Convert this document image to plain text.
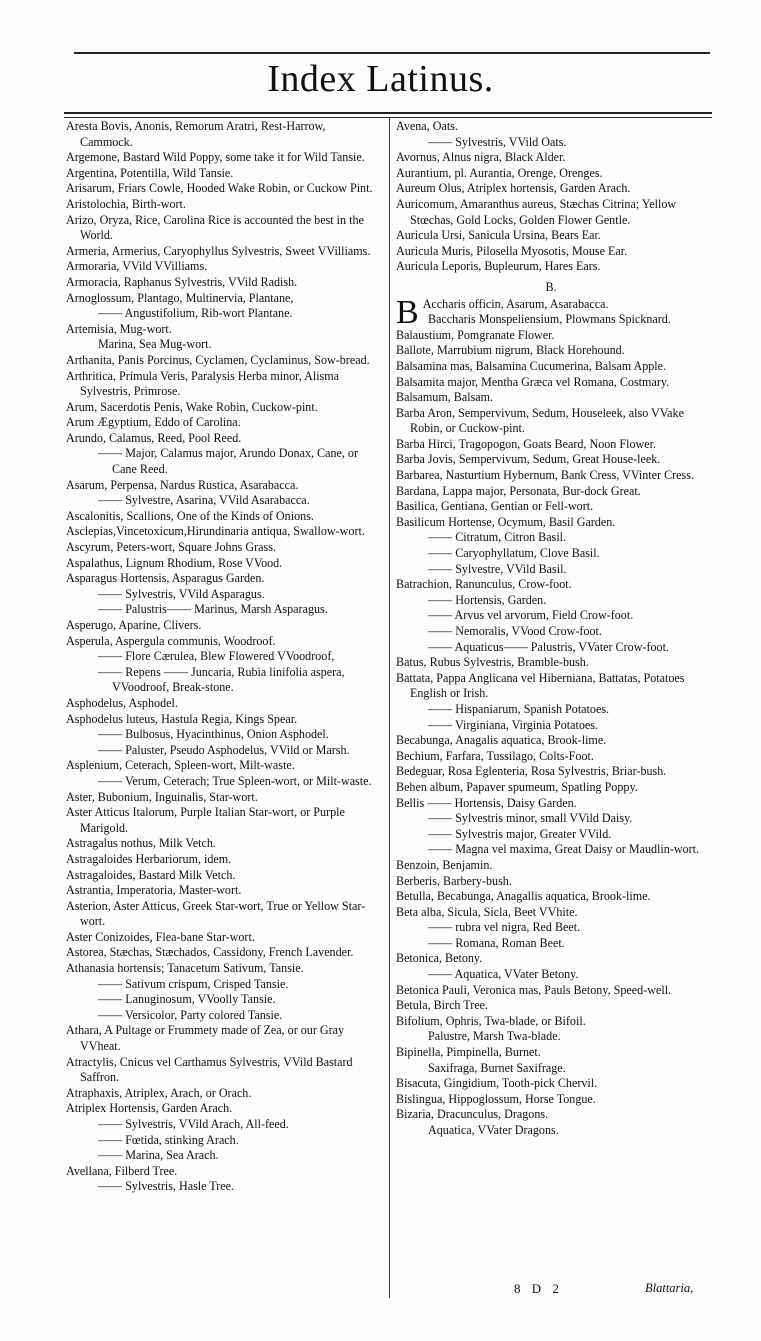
Index Latinus.

Aresta Bovis, Anonis, Remorum Aratri, Rest-Harrow, Cammock.

Argemone, Bastard Wild Poppy, some take it for Wild Tansie.

Argentina, Potentilla, Wild Tansie.

Arisarum, Friars Cowle, Hooded Wake Robin, or Cuckow Pint.

Aristolochia, Birth-wort.

Arizo, Oryza, Rice, Carolina Rice is accounted the best in the World.

Armeria, Armerius, Caryophyllus Sylvestris, Sweet VVilliams.

Armoraria, VVild VVilliams.

Armoracia, Raphanus Sylvestris, VVild Radish.

Arnoglossum, Plantago, Multinervia, Plantane,

—— Angustifolium, Rib-wort Plantane.

Artemisia, Mug-wort.

Marina, Sea Mug-wort.

Arthanita, Panis Porcinus, Cyclamen, Cyclaminus, Sow-bread.

Arthritica, Primula Veris, Paralysis Herba minor, Alisma Sylvestris, Primrose.

Arum, Sacerdotis Penis, Wake Robin, Cuckow-pint.

Arum Ægyptium, Eddo of Carolina.

Arundo, Calamus, Reed, Pool Reed.

—— Major, Calamus major, Arundo Donax, Cane, or Cane Reed.

Asarum, Perpensa, Nardus Rustica, Asarabacca.

—— Sylvestre, Asarina, VVild Asarabacca.

Ascalonitis, Scallions, One of the Kinds of Onions.

Asclepias,Vincetoxicum,Hirundinaria antiqua, Swallow-wort.

Ascyrum, Peters-wort, Square Johns Grass.

Aspalathus, Lignum Rhodium, Rose VVood.

Asparagus Hortensis, Asparagus Garden.

—— Sylvestris, VVild Asparagus.

—— Palustris—— Marinus, Marsh Asparagus.

Asperugo, Aparine, Clivers.

Asperula, Aspergula communis, Woodroof.

—— Flore Cærulea, Blew Flowered VVoodroof,

—— Repens —— Juncaria, Rubia linifolia aspera, VVoodroof, Break-stone.

Asphodelus, Asphodel.

Asphodelus luteus, Hastula Regia, Kings Spear.

—— Bulbosus, Hyacinthinus, Onion Asphodel.

—— Paluster, Pseudo Asphodelus, VVild or Marsh.

Asplenium, Ceterach, Spleen-wort, Milt-waste.

—— Verum, Ceterach; True Spleen-wort, or Milt-waste.

Aster, Bubonium, Inguinalis, Star-wort.

Aster Atticus Italorum, Purple Italian Star-wort, or Purple Marigold.

Astragalus nothus, Milk Vetch.

Astragaloides Herbariorum, idem.

Astragaloides, Bastard Milk Vetch.

Astrantia, Imperatoria, Master-wort.

Asterion, Aster Atticus, Greek Star-wort, True or Yellow Star-wort.

Aster Conizoides, Flea-bane Star-wort.

Astorea, Stæchas, Stæchados, Cassidony, French Lavender.

Athanasia hortensis; Tanacetum Sativum, Tansie.

—— Sativum crispum, Crisped Tansie.

—— Lanuginosum, VVoolly Tansie.

—— Versicolor, Party colored Tansie.

Athara, A Pultage or Frummety made of Zea, or our Gray VVheat.

Atractylis, Cnicus vel Carthamus Sylvestris, VVild Bastard Saffron.

Atraphaxis, Atriplex, Arach, or Orach.

Atriplex Hortensis, Garden Arach.

—— Sylvestris, VVild Arach, All-feed.

—— Fœtida, stinking Arach.

—— Marina, Sea Arach.

Avellana, Filberd Tree.

—— Sylvestris, Hasle Tree.

Avena, Oats.

—— Sylvestris, VVild Oats.

Avornus, Alnus nigra, Black Alder.

Aurantium, pl. Aurantia, Orenge, Orenges.

Aureum Olus, Atriplex hortensis, Garden Arach.

Auricomum, Amaranthus aureus, Stæchas Citrina; Yellow Stœchas, Gold Locks, Golden Flower Gentle.

Auricula Ursi, Sanicula Ursina, Bears Ear.

Auricula Muris, Pilosella Myosotis, Mouse Ear.

Auricula Leporis, Bupleurum, Hares Ears.

B.

B Accharis officin, Asarum, Asarabacca.

Baccharis Monspeliensium, Plowmans Spicknard.

Balaustium, Pomgranate Flower.

Ballote, Marrubium nigrum, Black Horehound.

Balsamina mas, Balsamina Cucumerina, Balsam Apple.

Balsamita major, Mentha Græca vel Romana, Costmary.

Balsamum, Balsam.

Barba Aron, Sempervivum, Sedum, Houseleek, also VVake Robin, or Cuckow-pint.

Barba Hirci, Tragopogon, Goats Beard, Noon Flower.

Barba Jovis, Sempervivum, Sedum, Great House-leek.

Barbarea, Nasturtium Hybernum, Bank Cress, VVinter Cress.

Bardana, Lappa major, Personata, Bur-dock Great.

Basilica, Gentiana, Gentian or Fell-wort.

Basilicum Hortense, Ocymum, Basil Garden.

—— Citratum, Citron Basil.

—— Caryophyllatum, Clove Basil.

—— Sylvestre, VVild Basil.

Batrachion, Ranunculus, Crow-foot.

—— Hortensis, Garden.

—— Arvus vel arvorum, Field Crow-foot.

—— Nemoralis, VVood Crow-foot.

—— Aquaticus—— Palustris, VVater Crow-foot.

Batus, Rubus Sylvestris, Bramble-bush.

Battata, Pappa Anglicana vel Hiberniana, Battatas, Potatoes English or Irish.

—— Hispaniarum, Spanish Potatoes.

—— Virginiana, Virginia Potatoes.

Becabunga, Anagalis aquatica, Brook-lime.

Bechium, Farfara, Tussilago, Colts-Foot.

Bedeguar, Rosa Eglenteria, Rosa Sylvestris, Briar-bush.

Behen album, Papaver spumeum, Spatling Poppy.

Bellis —— Hortensis, Daisy Garden.

—— Sylvestris minor, small VVild Daisy.

—— Sylvestris major, Greater VVild.

—— Magna vel maxima, Great Daisy or Maudlin-wort.

Benzoin, Benjamin.

Berberis, Barbery-bush.

Betulla, Becabunga, Anagallis aquatica, Brook-lime.

Beta alba, Sicula, Sicla, Beet VVhite.

—— rubra vel nigra, Red Beet.

—— Romana, Roman Beet.

Betonica, Betony.

—— Aquatica, VVater Betony.

Betonica Pauli, Veronica mas, Pauls Betony, Speed-well.

Betula, Birch Tree.

Bifolium, Ophris, Twa-blade, or Bifoil.

Palustre, Marsh Twa-blade.

Bipinella, Pimpinella, Burnet.

Saxifraga, Burnet Saxifrage.

Bisacuta, Gingidium, Tooth-pick Chervil.

Bislingua, Hippoglossum, Horse Tongue.

Bizaria, Dracunculus, Dragons.

Aquatica, VVater Dragons.

8 D 2	Blattaria,
